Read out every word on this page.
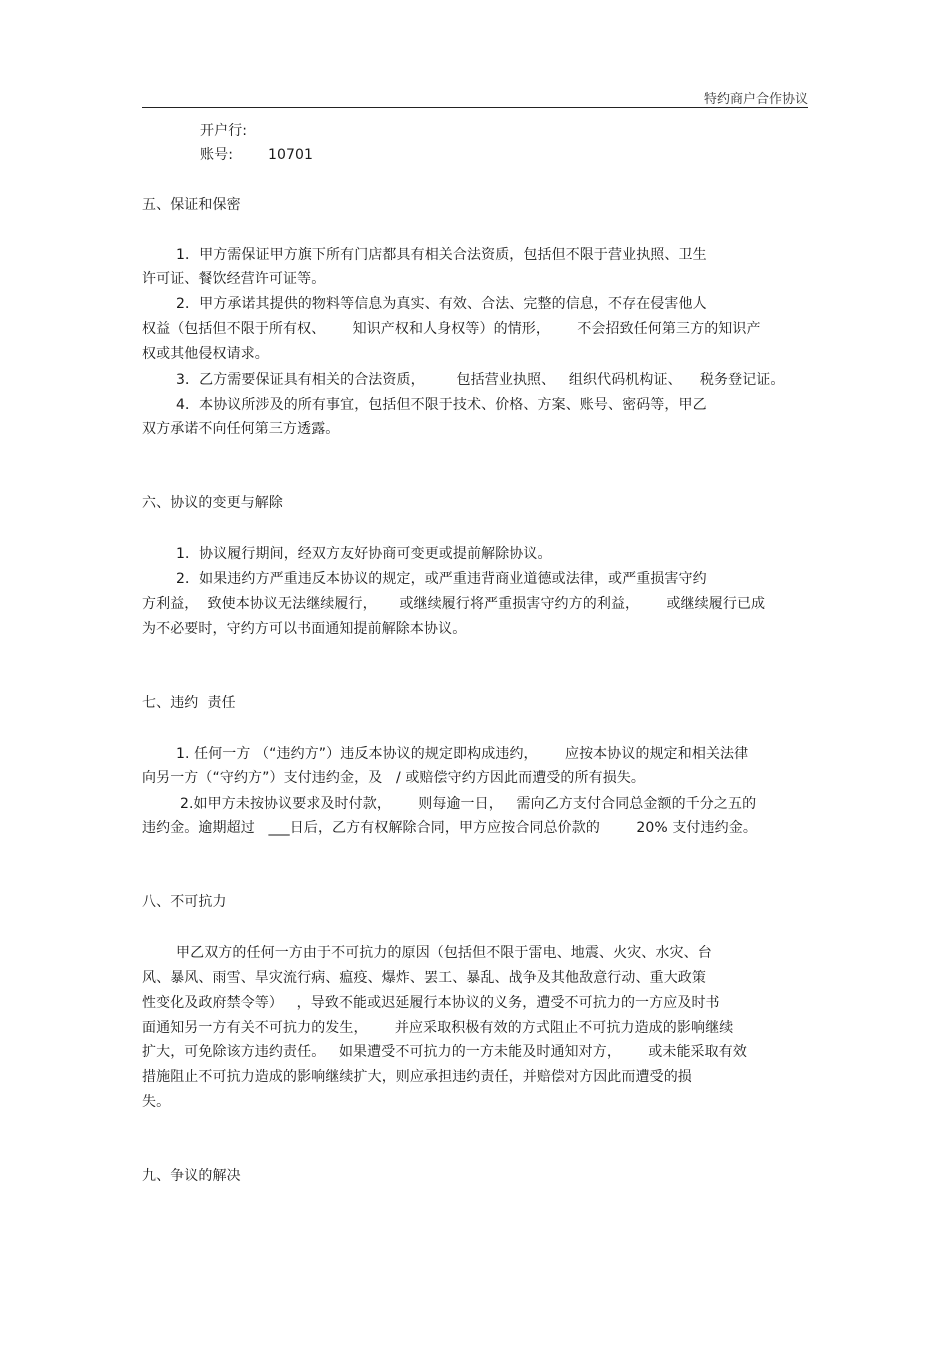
特约商户合作协议
开户行:
账号: 10701
五、保证和保密
1．甲方需保证甲方旗下所有门店都具有相关合法资质，包括但不限于营业执照、卫生
许可证、餐饮经营许可证等。
2．甲方承诺其提供的物料等信息为真实、有效、合法、完整的信息，不存在侵害他人
权益（包括但不限于所有权、      知识产权和人身权等）的情形，      不会招致任何第三方的知识产
权或其他侵权请求。
3．乙方需要保证具有相关的合法资质，       包括营业执照、   组织代码机构证、    税务登记证。
4．本协议所涉及的所有事宜，包括但不限于技术、价格、方案、账号、密码等，甲乙
双方承诺不向任何第三方透露。
六、协议的变更与解除
1．协议履行期间，经双方友好协商可变更或提前解除协议。
2．如果违约方严重违反本协议的规定，或严重违背商业道德或法律，或严重损害守约
方利益，  致使本协议无法继续履行，     或继续履行将严重损害守约方的利益，      或继续履行已成
为不必要时，守约方可以书面通知提前解除本协议。
七、违约  责任
1. 任何一方 （“违约方”）违反本协议的规定即构成违约，      应按本协议的规定和相关法律
向另一方（“守约方”）支付违约金，及   / 或赔偿守约方因此而遭受的所有损失。
2.如甲方未按协议要求及时付款，      则每逾一日，   需向乙方支付合同总金额的千分之五的
违约金。逾期超过   ___日后，乙方有权解除合同，甲方应按合同总价款的        20% 支付违约金。
八、不可抗力
甲乙双方的任何一方由于不可抗力的原因（包括但不限于雷电、地震、火灾、水灾、台
风、暴风、雨雪、旱灾流行病、瘟疫、爆炸、罢工、暴乱、战争及其他敌意行动、重大政策
性变化及政府禁令等）   ，导致不能或迟延履行本协议的义务，遭受不可抗力的一方应及时书
面通知另一方有关不可抗力的发生，      并应采取积极有效的方式阻止不可抗力造成的影响继续
扩大，可免除该方违约责任。   如果遭受不可抗力的一方未能及时通知对方，      或未能采取有效
措施阻止不可抗力造成的影响继续扩大，则应承担违约责任，并赔偿对方因此而遭受的损
失。
九、争议的解决
